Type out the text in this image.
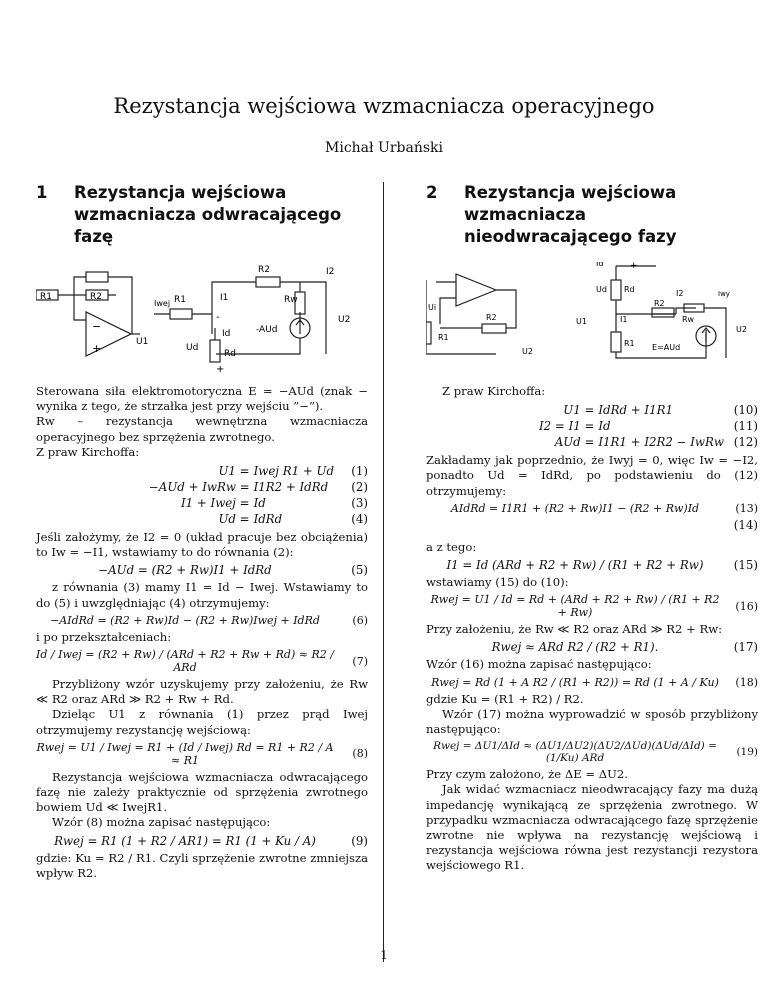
Rezystancja wejściowa wzmacniacza operacyjnego
Michał Urbański
1	Rezystancja wejściowa wzmacniacza odwracającego fazę
R1	R2
−
+	U1
I2
R2
I1	Rw
Iwej R1
-
+
U2
Id	-AUd
Ud
Rd

Sterowana siła elektromotoryczna E = −AUd (znak − wynika z tego, że strzałka jest przy wejściu ”−”).

Rw – rezystancja wewnętrzna wzmacniacza operacyjnego bez sprzężenia zwrotnego.

Z praw Kirchoffa:

U1 = Iwej R1 + Ud	(1)
−AUd + IwRw = I1R2 + IdRd	(2)
I1 + Iwej = Id	(3)
Ud = IdRd	(4)

Jeśli założymy, że I2 = 0 (układ pracuje bez obciążenia) to Iw = −I1, wstawiamy to do równania (2):

−AUd = (R2 + Rw)I1 + IdRd	(5)

z równania (3) mamy I1 = Id − Iwej. Wstawiamy to do (5) i uwzględniając (4) otrzymujemy:

−AIdRd = (R2 + Rw)Id − (R2 + Rw)Iwej + IdRd	(6)

i po przekształceniach:

Id / Iwej = (R2 + Rw) / (ARd + R2 + Rw + Rd) ≈ R2 / ARd	(7)

Przybliżony wzór uzyskujemy przy założeniu, że Rw ≪ R2 oraz ARd ≫ R2 + Rw + Rd.

Dzieląc U1 z równania (1) przez prąd Iwej otrzymujemy rezystancję wejściową:

Rwej = U1 / Iwej = R1 + (Id / Iwej) Rd = R1 + R2 / A ≈ R1	(8)

Rezystancja wejściowa wzmacniacza odwracającego fazę nie zależy praktycznie od sprzężenia zwrotnego bowiem Ud ≪ IwejR1.

Wzór (8) można zapisać następująco:

Rwej = R1 (1 + R2 / AR1) = R1 (1 + Ku / A)	(9)

gdzie: Ku = R2 / R1. Czyli sprzężenie zwrotne zmniejsza wpływ R2.

2	Rezystancja wejściowa wzmacniacza nieodwracającego fazy
Ui
R1
R2
U2
Id	+
Ud Rd	I2	Iwy
U1	I1
R2
Rw
U2
R1 E=AUd

Z praw Kirchoffa:

U1 = IdRd + I1R1	(10)
I2 = I1 = Id	(11)
AUd = I1R1 + I2R2 − IwRw (12)

Zakładamy jak poprzednio, że Iwyj = 0, więc Iw = −I2, ponadto Ud = IdRd, po podstawieniu do (12) otrzymujemy:

AIdRd = I1R1 + (R2 + Rw)I1 − (R2 + Rw)Id	(13)
(14)

a z tego:

I1 = Id (ARd + R2 + Rw) / (R1 + R2 + Rw)	(15)

wstawiamy (15) do (10):

Rwej = U1 / Id = Rd + (ARd + R2 + Rw) / (R1 + R2 + Rw)	(16)

Przy założeniu, że Rw ≪ R2 oraz ARd ≫ R2 + Rw:

Rwej ≈ ARd R2 / (R2 + R1).	(17)

Wzór (16) można zapisać następująco:

Rwej = Rd (1 + A R2 / (R1 + R2)) = Rd (1 + A / Ku)	(18)

gdzie Ku = (R1 + R2) / R2.

Wzór (17) można wyprowadzić w sposób przybliżony następująco:

Rwej = ΔU1/ΔId ≈ (ΔU1/ΔU2)(ΔU2/ΔUd)(ΔUd/ΔId) = (1/Ku) ARd	(19)

Przy czym założono, że ΔE = ΔU2.

Jak widać wzmacniacz nieodwracający fazy ma dużą impedancję wynikającą ze sprzężenia zwrotnego. W przypadku wzmacniacza odwracającego fazę sprzężenie zwrotne nie wpływa na rezystancję wejściową i rezystancja wejściowa równa jest rezystancji rezystora wejściowego R1.

1
